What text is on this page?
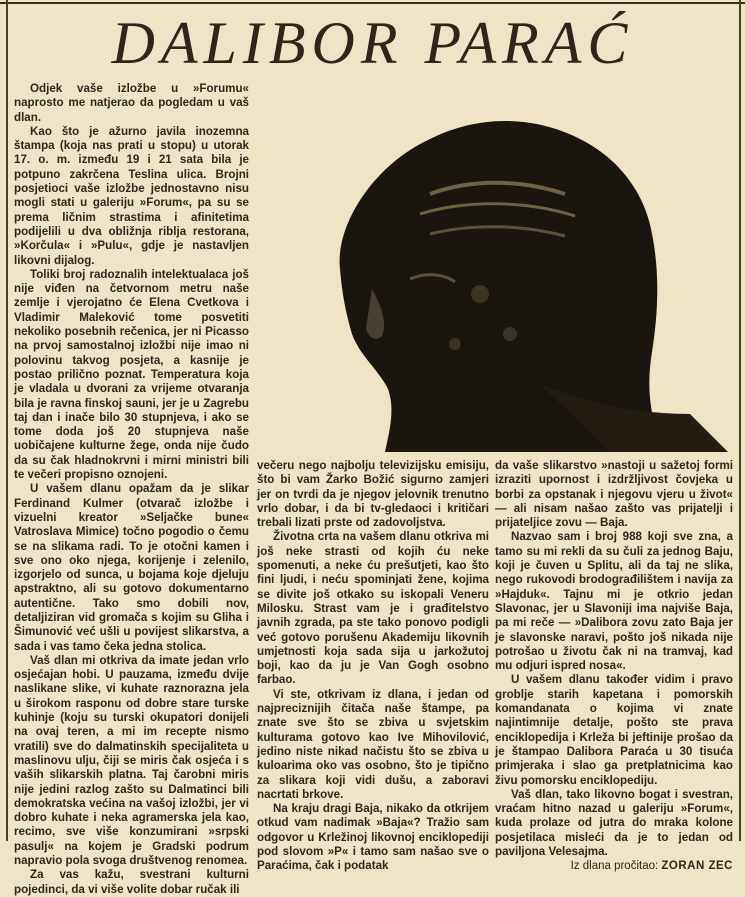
DALIBOR PARAĆ

Odjek vaše izložbe u »Forumu« naprosto me natjerao da pogledam u vaš dlan.

Kao što je ažurno javila inozemna štampa (koja nas prati u stopu) u utorak 17. o. m. između 19 i 21 sata bila je potpuno zakrčena Teslina ulica. Brojni posjetioci vaše izložbe jednostavno nisu mogli stati u galeriju »Forum«, pa su se prema ličnim strastima i afinitetima podijelili u dva obližnja riblja restorana, »Korčula« i »Pulu«, gdje je nastavljen likovni dijalog.

Toliki broj radoznalih intelektualaca još nije viđen na četvornom metru naše zemlje i vjerojatno će Elena Cvetkova i Vladimir Maleković tome posvetiti nekoliko posebnih rečenica, jer ni Picasso na prvoj samostalnoj izložbi nije imao ni polovinu takvog posjeta, a kasnije je postao prilično poznat. Temperatura koja je vladala u dvorani za vrijeme otvaranja bila je ravna finskoj sauni, jer je u Zagrebu taj dan i inače bilo 30 stupnjeva, i ako se tome doda još 20 stupnjeva naše uobičajene kulturne žege, onda nije čudo da su čak hladnokrvni i mirni ministri bili te večeri propisno oznojeni.

U vašem dlanu opažam da je slikar Ferdinand Kulmer (otvarač izložbe i vizuelni kreator »Seljačke bune« Vatroslava Mimice) točno pogodio o čemu se na slikama radi. To je otočni kamen i sve ono oko njega, korijenje i zelenilo, izgorjelo od sunca, u bojama koje djeluju apstraktno, ali su gotovo dokumentarno autentične. Tako smo dobili nov, detaljiziran vid gromača s kojim su Gliha i Šimunović već ušli u povijest slikarstva, a sada i vas tamo čeka jedna stolica.

Vaš dlan mi otkriva da imate jedan vrlo osjećajan hobi. U pauzama, između dvije naslikane slike, vi kuhate raznorazna jela u širokom rasponu od dobre stare turske kuhinje (koju su turski okupatori donijeli na ovaj teren, a mi im recepte nismo vratili) sve do dalmatinskih specijaliteta u maslinovu ulju, čiji se miris čak osjeća i s vaših slikarskih platna. Taj čarobni miris nije jedini razlog zašto su Dalmatinci bili demokratska većina na vašoj izložbi, jer vi dobro kuhate i neka agramerska jela kao, recimo, sve više konzumirani »srpski pasulj« na kojem je Gradski podrum napravio pola svoga društvenog renomea.

Za vas kažu, svestrani kulturni pojedinci, da vi više volite dobar ručak ili

večeru nego najbolju televizijsku emisiju, što bi vam Žarko Božić sigurno zamjeri jer on tvrdi da je njegov jelovnik trenutno vrlo dobar, i da bi tv-gledaoci i kritičari trebali lizati prste od zadovoljstva.

Životna crta na vašem dlanu otkriva mi još neke strasti od kojih ću neke spomenuti, a neke ću prešutjeti, kao što fini ljudi, i neću spominjati žene, kojima se divite još otkako su iskopali Veneru Milosku. Strast vam je i građitelstvo javnih zgrada, pa ste tako ponovo podigli već gotovo porušenu Akademiju likovnih umjetnosti koja sada sija u jarkožutoj boji, kao da ju je Van Gogh osobno farbao.

Vi ste, otkrivam iz dlana, i jedan od najpreciznijih čitača naše štampe, pa znate sve što se zbiva u svjetskim kulturama gotovo kao Ive Mihovilović, jedino niste nikad načistu što se zbiva u kuloarima oko vas osobno, što je tipično za slikara koji vidi dušu, a zaboravi nacrtati brkove.

Na kraju dragi Baja, nikako da otkrijem otkud vam nadimak »Baja«? Tražio sam odgovor u Krležinoj likovnoj enciklopediji pod slovom »P« i tamo sam našao sve o Paraćima, čak i podatak

da vaše slikarstvo »nastoji u sažetoj formi izraziti upornost i izdržljivost čovjeka u borbi za opstanak i njegovu vjeru u život« — ali nisam našao zašto vas prijatelji i prijateljice zovu — Baja.

Nazvao sam i broj 988 koji sve zna, a tamo su mi rekli da su čuli za jednog Baju, koji je čuven u Splitu, ali da taj ne slika, nego rukovodi brodograđilištem i navija za »Hajduk«. Tajnu mi je otkrio jedan Slavonac, jer u Slavoniji ima najviše Baja, pa mi reče — »Dalibora zovu zato Baja jer je slavonske naravi, pošto još nikada nije potrošao u životu čak ni na tramvaj, kad mu odjuri ispred nosa«.

U vašem dlanu također vidim i pravo groblje starih kapetana i pomorskih komandanata o kojima vi znate najintimnije detalje, pošto ste prava enciklopedija i Krleža bi jeftinije prošao da je štampao Dalibora Paraća u 30 tisuća primjeraka i slao ga pretplatnicima kao živu pomorsku enciklopediju.

Vaš dlan, tako likovno bogat i svestran, vraćam hitno nazad u galeriju »Forum«, kuda prolaze od jutra do mraka kolone posjetilaca misleći da je to jedan od paviljona Velesajma.

Iz dlana pročitao: ZORAN ZEC
